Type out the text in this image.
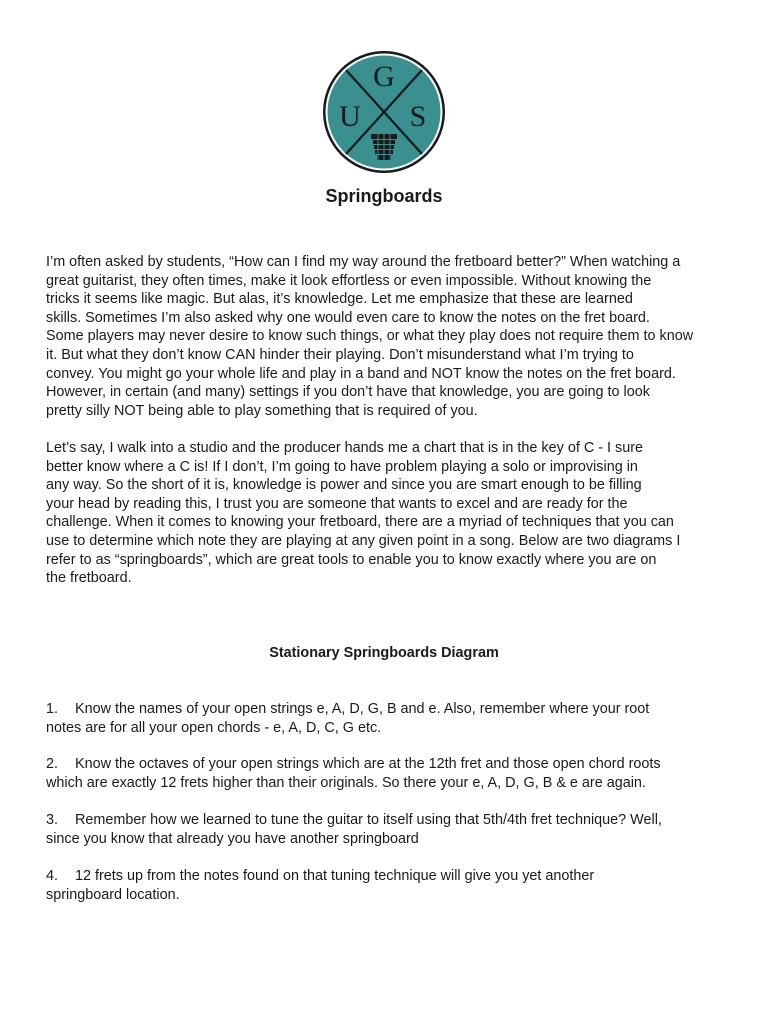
G
U S
Springboards

I’m often asked by students, “How can I find my way around the fretboard better?” When watching a
great guitarist, they often times, make it look effortless or even impossible. Without knowing the
tricks it seems like magic. But alas, it’s knowledge. Let me emphasize that these are learned
skills. Sometimes I’m also asked why one would even care to know the notes on the fret board.
Some players may never desire to know such things, or what they play does not require them to know
it. But what they don’t know CAN hinder their playing. Don’t misunderstand what I’m trying to
convey. You might go your whole life and play in a band and NOT know the notes on the fret board.
However, in certain (and many) settings if you don’t have that knowledge, you are going to look
pretty silly NOT being able to play something that is required of you.

Let’s say, I walk into a studio and the producer hands me a chart that is in the key of C - I sure
better know where a C is! If I don’t, I’m going to have problem playing a solo or improvising in
any way. So the short of it is, knowledge is power and since you are smart enough to be filling
your head by reading this, I trust you are someone that wants to excel and are ready for the
challenge. When it comes to knowing your fretboard, there are a myriad of techniques that you can
use to determine which note they are playing at any given point in a song. Below are two diagrams I
refer to as “springboards”, which are great tools to enable you to know exactly where you are on
the fretboard.

Stationary Springboards Diagram
1. Know the names of your open strings e, A, D, G, B and e. Also, remember where your root
notes are for all your open chords - e, A, D, C, G etc.
2. Know the octaves of your open strings which are at the 12th fret and those open chord roots
which are exactly 12 frets higher than their originals. So there your e, A, D, G, B & e are again.
3. Remember how we learned to tune the guitar to itself using that 5th/4th fret technique? Well,
since you know that already you have another springboard
4. 12 frets up from the notes found on that tuning technique will give you yet another
springboard location.
